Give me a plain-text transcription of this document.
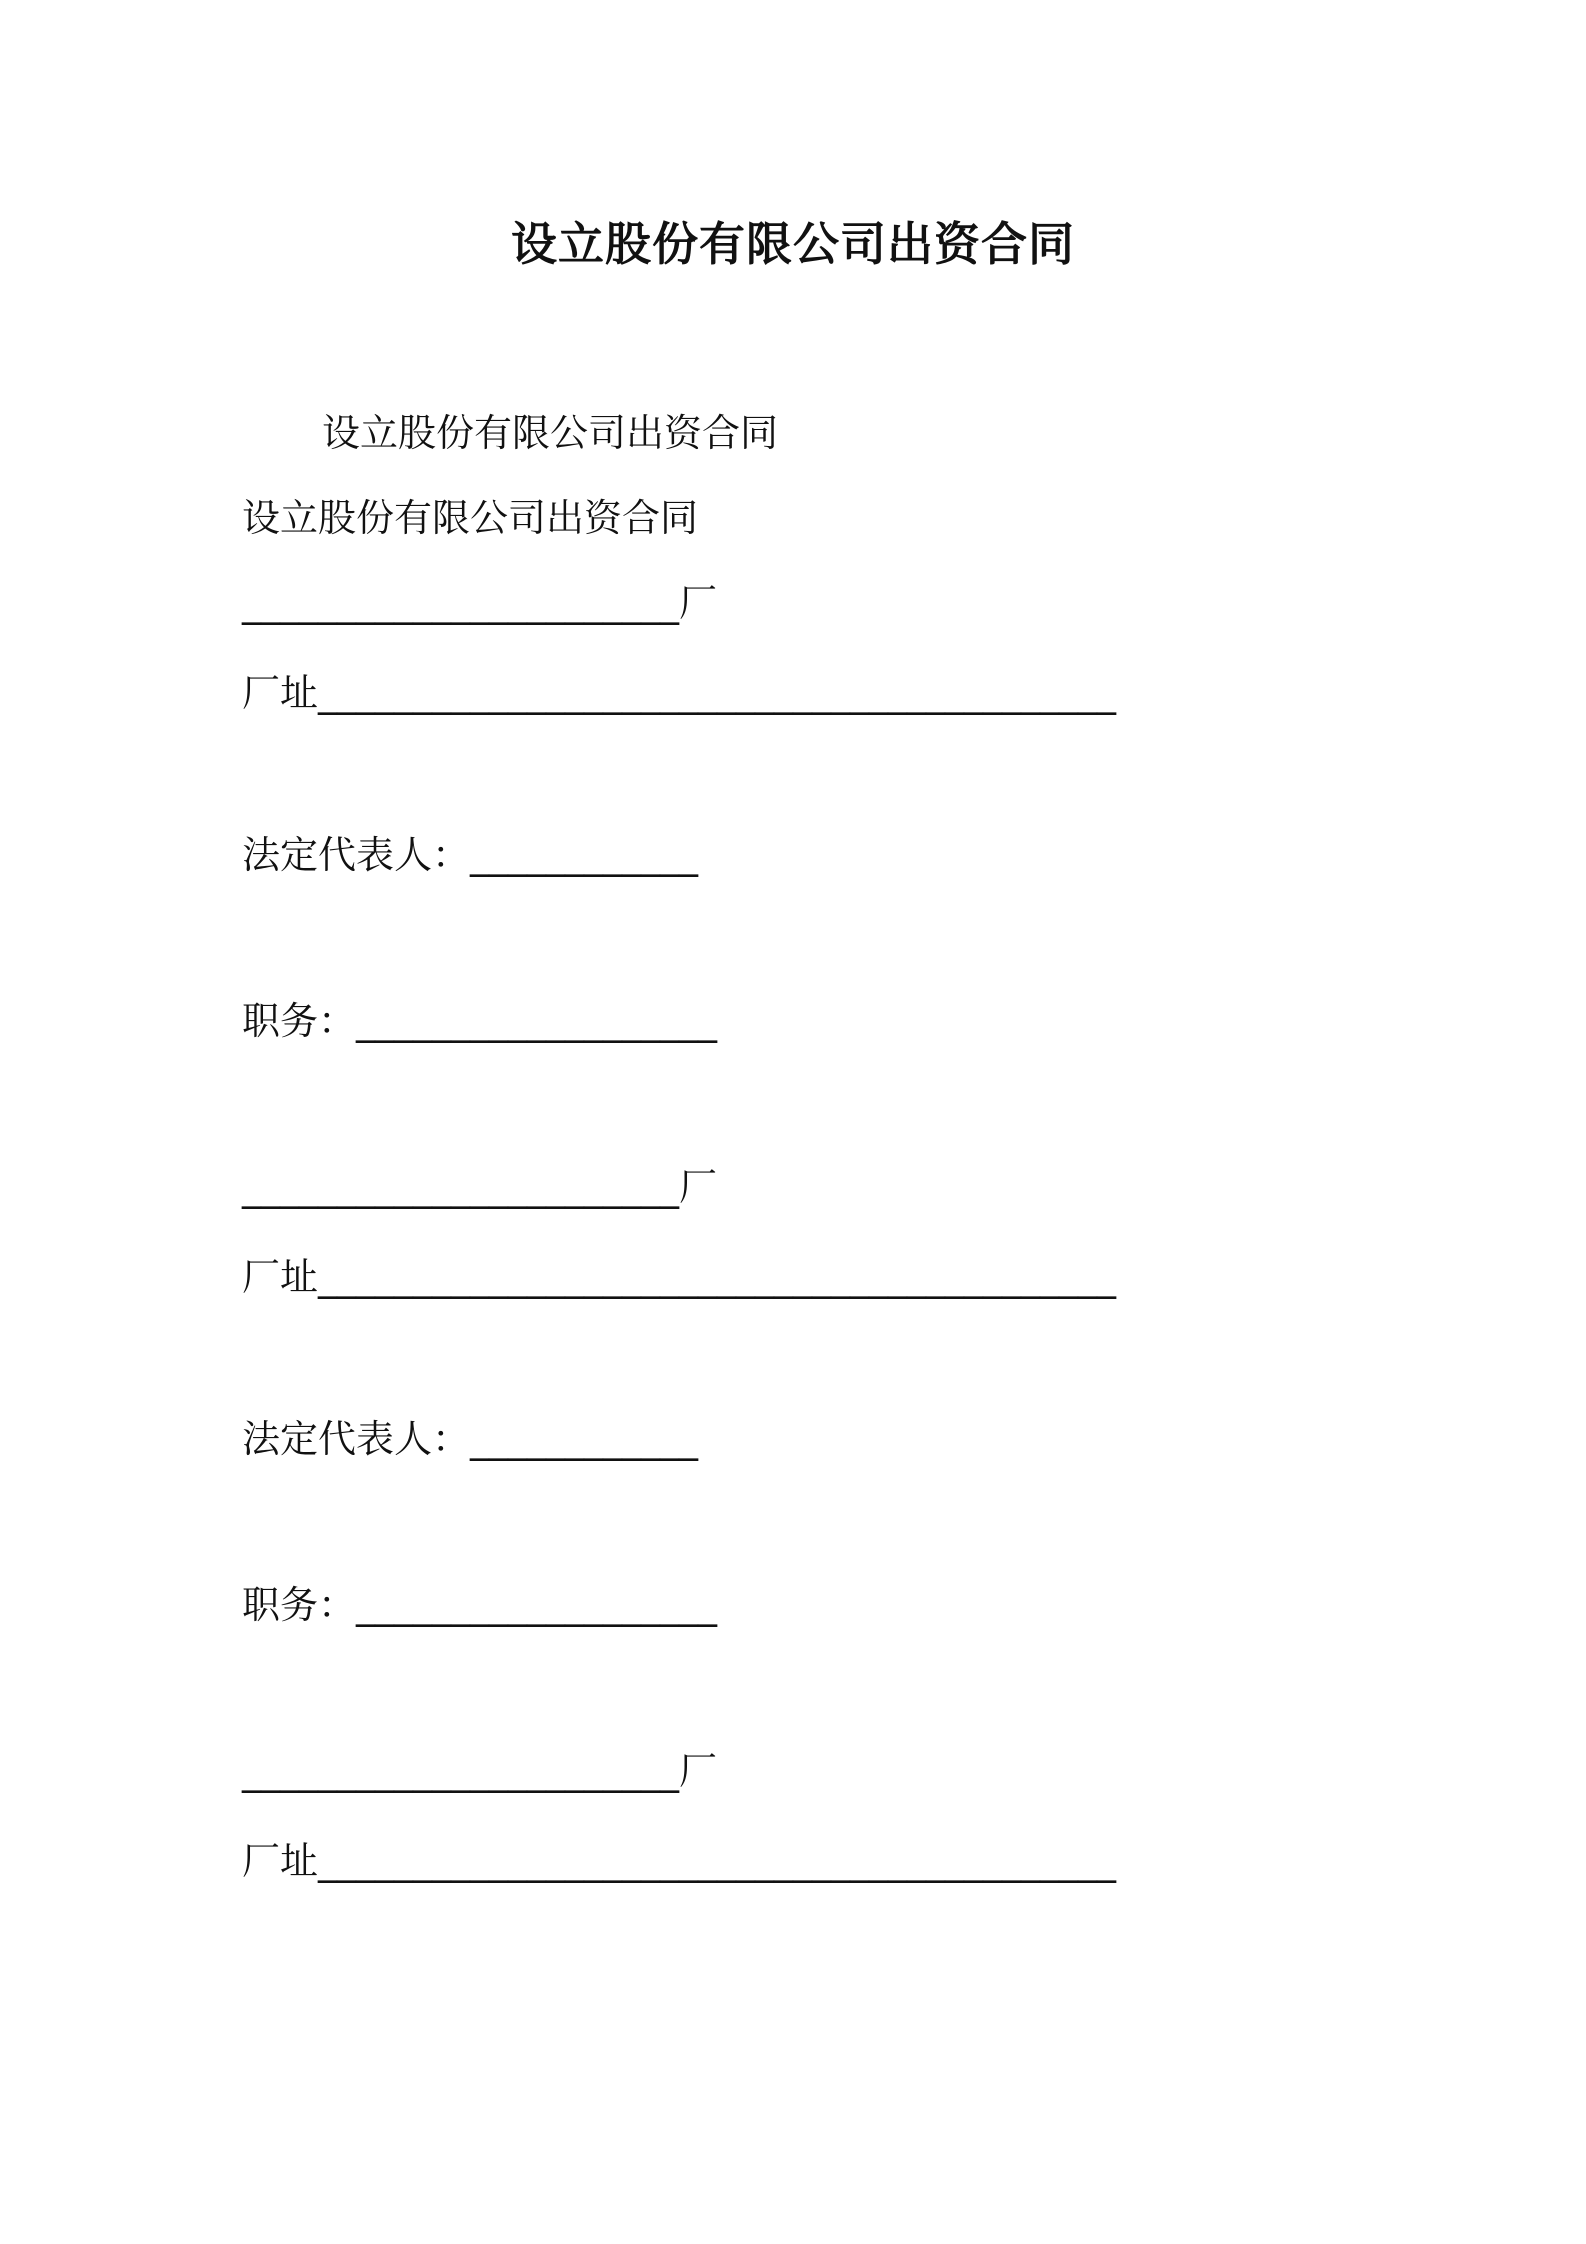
设立股份有限公司出资合同
设立股份有限公司出资合同
设立股份有限公司出资合同
_______________________厂
厂址__________________________________________
法定代表人：____________
职务：___________________
_______________________厂
厂址__________________________________________
法定代表人：____________
职务：___________________
_______________________厂
厂址__________________________________________
